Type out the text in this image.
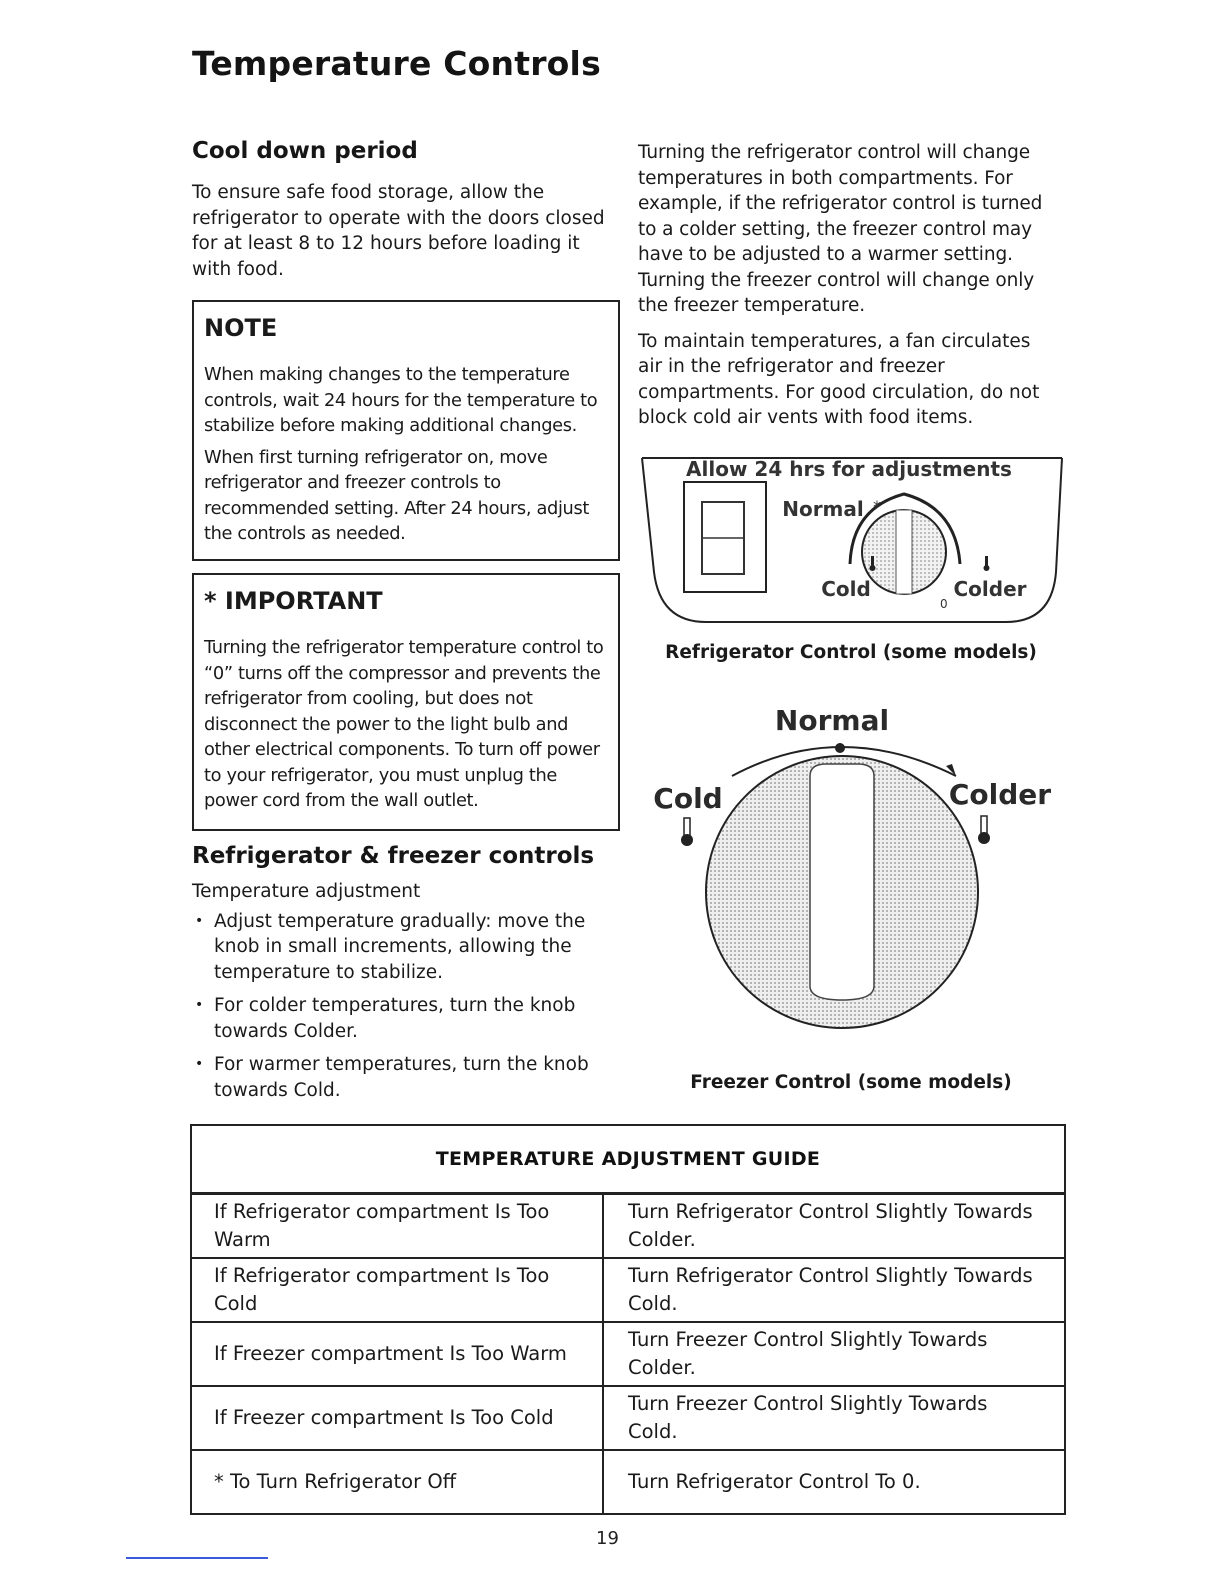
Temperature Controls
Cool down period

To ensure safe food storage, allow the refrigerator to operate with the doors closed for at least 8 to 12 hours before loading it with food.

NOTE

When making changes to the temperature controls, wait 24 hours for the temperature to stabilize before making additional changes.

When first turning refrigerator on, move refrigerator and freezer controls to recommended setting. After 24 hours, adjust the controls as needed.

* IMPORTANT

Turning the refrigerator temperature control to “0” turns off the compressor and prevents the refrigerator from cooling, but does not disconnect the power to the light bulb and other electrical components. To turn off power to your refrigerator, you must unplug the power cord from the wall outlet.

Refrigerator & freezer controls

Temperature adjustment

• Adjust temperature gradually: move the knob in small increments, allowing the temperature to stabilize.
• For colder temperatures, turn the knob towards Colder.
• For warmer temperatures, turn the knob towards Cold.

Turning the refrigerator control will change temperatures in both compartments. For example, if the refrigerator control is turned to a colder setting, the freezer control may have to be adjusted to a warmer setting. Turning the freezer control will change only the freezer temperature.

To maintain temperatures, a fan circulates air in the refrigerator and freezer compartments. For good circulation, do not block cold air vents with food items.

Normal *
Cold	Colder
0
Allow 24 hrs for adjustments
Refrigerator Control (some models)
Normal
Cold	Colder
Freezer Control (some models)
TEMPERATURE ADJUSTMENT GUIDE	
If Refrigerator compartment Is Too Warm	Turn Refrigerator Control Slightly Towards Colder.
If Refrigerator compartment Is Too Cold	Turn Refrigerator Control Slightly Towards Cold.
If Freezer compartment Is Too Warm	Turn Freezer Control Slightly Towards Colder.
If Freezer compartment Is Too Cold	Turn Freezer Control Slightly Towards Cold.
* To Turn Refrigerator Off	Turn Refrigerator Control To 0.
19
